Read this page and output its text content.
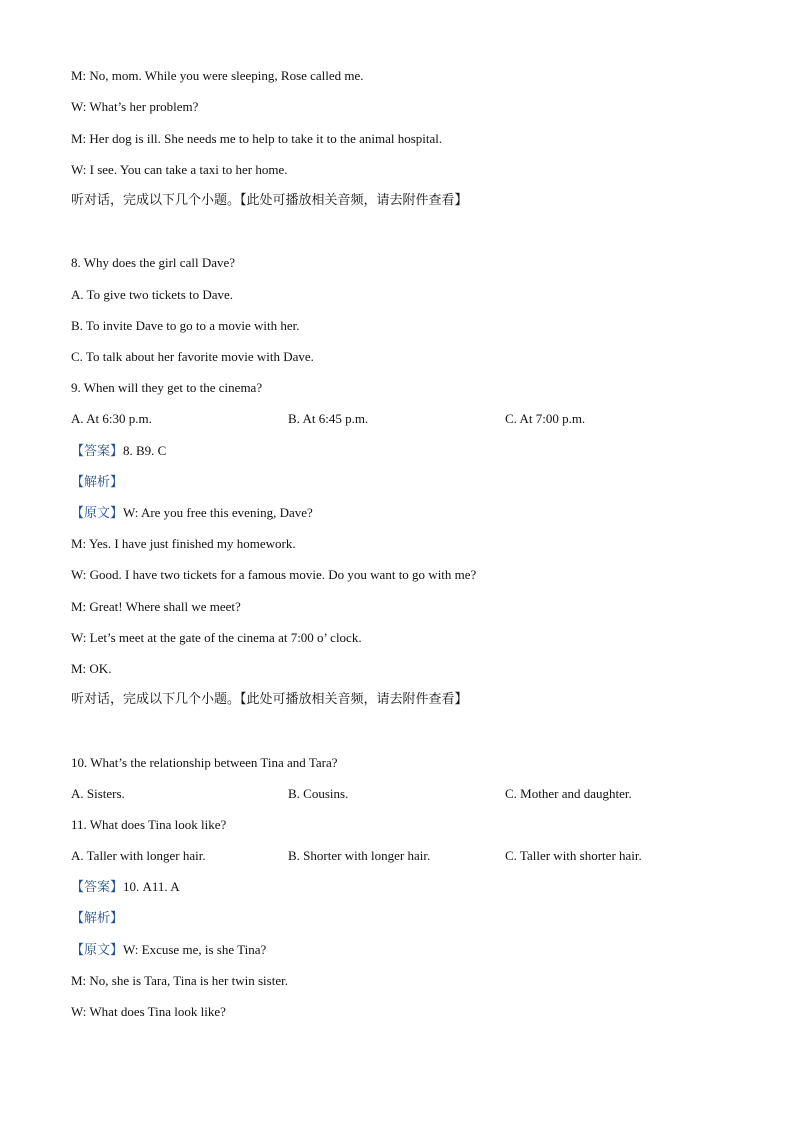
M: No, mom. While you were sleeping, Rose called me.
W: What’s her problem?
M: Her dog is ill. She needs me to help to take it to the animal hospital.
W: I see. You can take a taxi to her home.
听对话，完成以下几个小题。【此处可播放相关音频，请去附件查看】
8. Why does the girl call Dave?
A. To give two tickets to Dave.
B. To invite Dave to go to a movie with her.
C. To talk about her favorite movie with Dave.
9. When will they get to the cinema?
A. At 6:30 p.m.	B. At 6:45 p.m.	C. At 7:00 p.m.
【答案】8. B9. C
【解析】
【原文】W: Are you free this evening, Dave?
M: Yes. I have just finished my homework.
W: Good. I have two tickets for a famous movie. Do you want to go with me?
M: Great! Where shall we meet?
W: Let’s meet at the gate of the cinema at 7:00 o’ clock.
M: OK.
听对话，完成以下几个小题。【此处可播放相关音频，请去附件查看】
10. What’s the relationship between Tina and Tara?
A. Sisters.	B. Cousins.	C. Mother and daughter.
11. What does Tina look like?
A. Taller with longer hair.	B. Shorter with longer hair.	C. Taller with shorter hair.
【答案】10. A11. A
【解析】
【原文】W: Excuse me, is she Tina?
M: No, she is Tara, Tina is her twin sister.
W: What does Tina look like?
